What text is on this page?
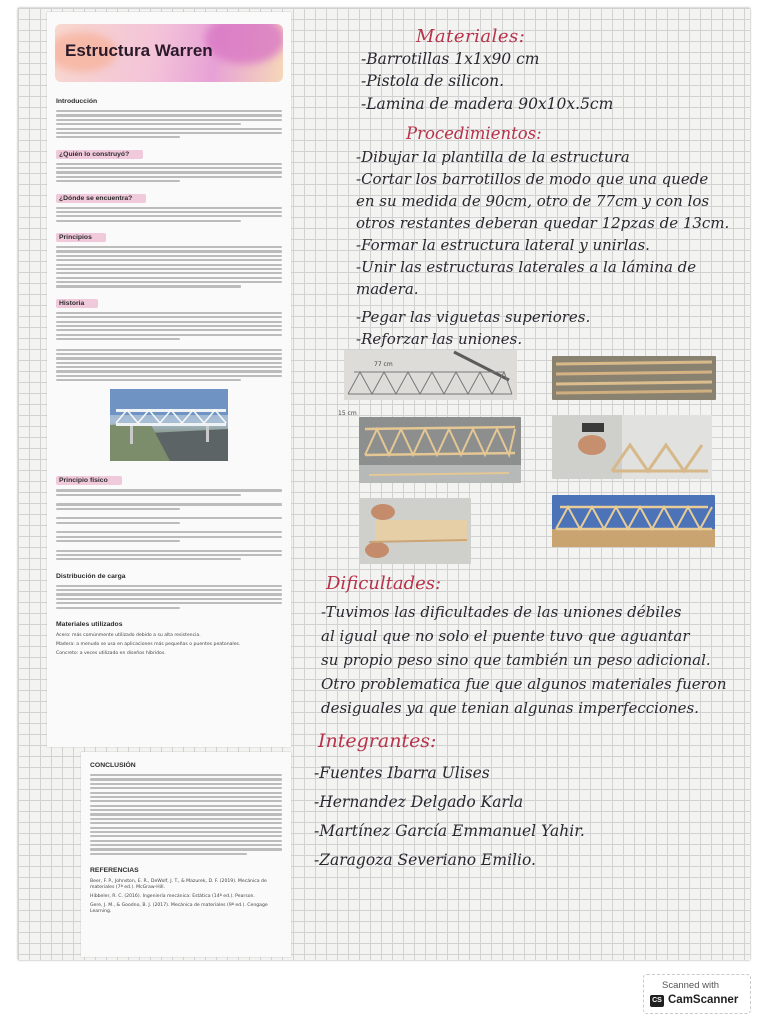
Estructura Warren
Introducción
¿Quién lo construyó?
¿Dónde se encuentra?
Principios
Historia
Principio físico
Distribución de carga
Materiales utilizados
Acero: más comúnmente utilizado debido a su alta resistencia.
Madera: a menudo se usa en aplicaciones más pequeñas o puentes peatonales.
Concreto: a veces utilizado en diseños híbridos.
CONCLUSIÓN
REFERENCIAS
Beer, F. P., Johnston, E. R., DeWolf, J. T., & Mazurek, D. F. (2019). Mecánica de materiales (7ª ed.). McGraw-Hill.
Hibbeler, R. C. (2016). Ingeniería mecánica: Estática (14ª ed.). Pearson.
Gere, J. M., & Goodno, B. J. (2017). Mecánica de materiales (9ª ed.). Cengage Learning.
Materiales:
-Barrotillas 1x1x90 cm
-Pistola de silicon.
-Lamina de madera 90x10x.5cm
Procedimientos:
-Dibujar la plantilla de la estructura
-Cortar los barrotillos de modo que una quede
en su medida de 90cm, otro de 77cm y con los
otros restantes deberan quedar 12pzas de 13cm.
-Formar la estructura lateral y unirlas.
-Unir las estructuras laterales a la lámina de
madera.
-Pegar las viguetas superiores.
-Reforzar las uniones.
77 cm
15 cm
Dificultades:
-Tuvimos las dificultades de las uniones débiles
al igual que no solo el puente tuvo que aguantar
su propio peso sino que también un peso adicional.
Otro problematica fue que algunos materiales fueron
desiguales ya que tenian algunas imperfecciones.
Integrantes:
-Fuentes Ibarra Ulises
-Hernandez Delgado Karla
-Martínez García Emmanuel Yahir.
-Zaragoza Severiano Emilio.
Scanned with
CS CamScanner
